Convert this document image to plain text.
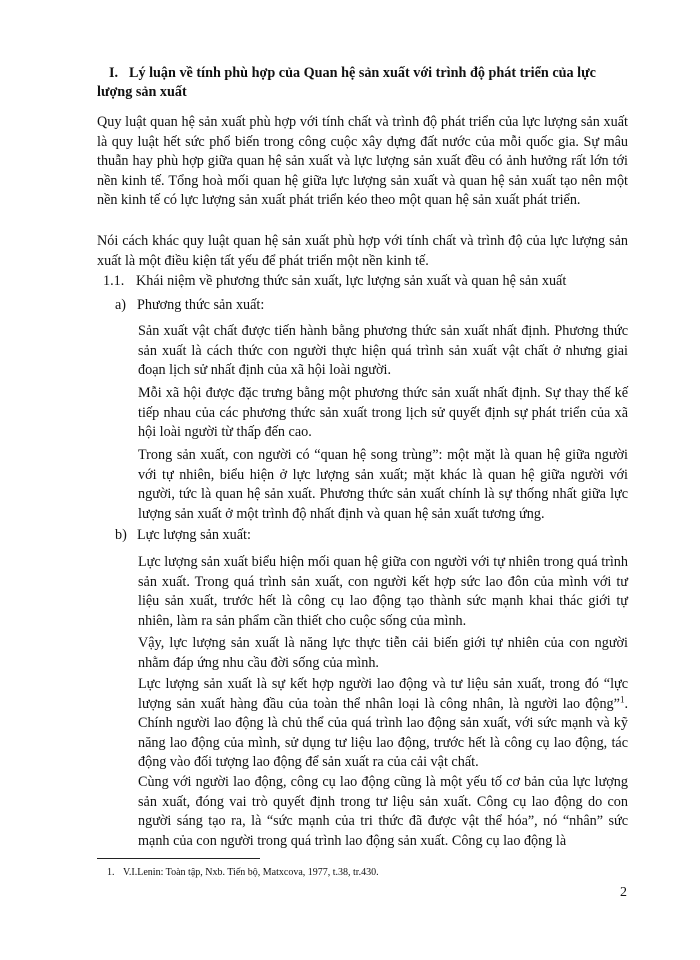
I. Lý luận về tính phù hợp của Quan hệ sản xuất với trình độ phát triển của lực lượng sản xuất
Quy luật quan hệ sản xuất phù hợp với tính chất và trình độ phát triển của lực lượng sản xuất là quy luật hết sức phổ biến trong công cuộc xây dựng đất nước của mỗi quốc gia. Sự mâu thuẫn hay phù hợp giữa quan hệ sản xuất và lực lượng sản xuất đều có ảnh hưởng rất lớn tới nền kinh tế. Tổng hoà mối quan hệ giữa lực lượng sản xuất và quan hệ sản xuất tạo nên một nền kinh tế có lực lượng sản xuất phát triển kéo theo một quan hệ sản xuất phát triển.
Nói cách khác quy luật quan hệ sản xuất phù hợp với tính chất và trình độ của lực lượng sản xuất là một điều kiện tất yếu để phát triển một nền kinh tế.
1.1. Khái niệm về phương thức sản xuất, lực lượng sản xuất và quan hệ sản xuất
a) Phương thức sản xuất:
Sản xuất vật chất được tiến hành bằng phương thức sản xuất nhất định. Phương thức sản xuất là cách thức con người thực hiện quá trình sản xuất vật chất ở nhưng giai đoạn lịch sử nhất định của xã hội loài người.
Mỗi xã hội được đặc trưng bằng một phương thức sản xuất nhất định. Sự thay thế kế tiếp nhau của các phương thức sản xuất trong lịch sử quyết định sự phát triển của xã hội loài người từ thấp đến cao.
Trong sản xuất, con người có “quan hệ song trùng”: một mặt là quan hệ giữa người với tự nhiên, biểu hiện ở lực lượng sản xuất; mặt khác là quan hệ giữa người với người, tức là quan hệ sản xuất. Phương thức sản xuất chính là sự thống nhất giữa lực lượng sản xuất ở một trình độ nhất định và quan hệ sản xuất tương ứng.
b) Lực lượng sản xuất:
Lực lượng sản xuất biểu hiện mối quan hệ giữa con người với tự nhiên trong quá trình sản xuất. Trong quá trình sản xuất, con người kết hợp sức lao đôn của mình với tư liệu sản xuất, trước hết là công cụ lao động tạo thành sức mạnh khai thác giới tự nhiên, làm ra sản phẩm cần thiết cho cuộc sống của mình.
Vậy, lực lượng sản xuất là năng lực thực tiễn cải biến giới tự nhiên của con người nhằm đáp ứng nhu cầu đời sống của mình.
Lực lượng sản xuất là sự kết hợp người lao động và tư liệu sản xuất, trong đó “lực lượng sản xuất hàng đầu của toàn thể nhân loại là công nhân, là người lao động”$^1$. Chính người lao động là chủ thể của quá trình lao động sản xuất, với sức mạnh và kỹ năng lao động của mình, sử dụng tư liệu lao động, trước hết là công cụ lao động, tác động vào đối tượng lao động để sản xuất ra của cải vật chất.
Cùng với người lao động, công cụ lao động cũng là một yếu tố cơ bản của lực lượng sản xuất, đóng vai trò quyết định trong tư liệu sản xuất. Công cụ lao động do con người sáng tạo ra, là “sức mạnh của tri thức đã được vật thể hóa”, nó “nhân” sức mạnh của con người trong quá trình lao động sản xuất. Công cụ lao động là
1. V.I.Lenin: Toàn tập, Nxb. Tiến bộ, Matxcova, 1977, t.38, tr.430.
2
